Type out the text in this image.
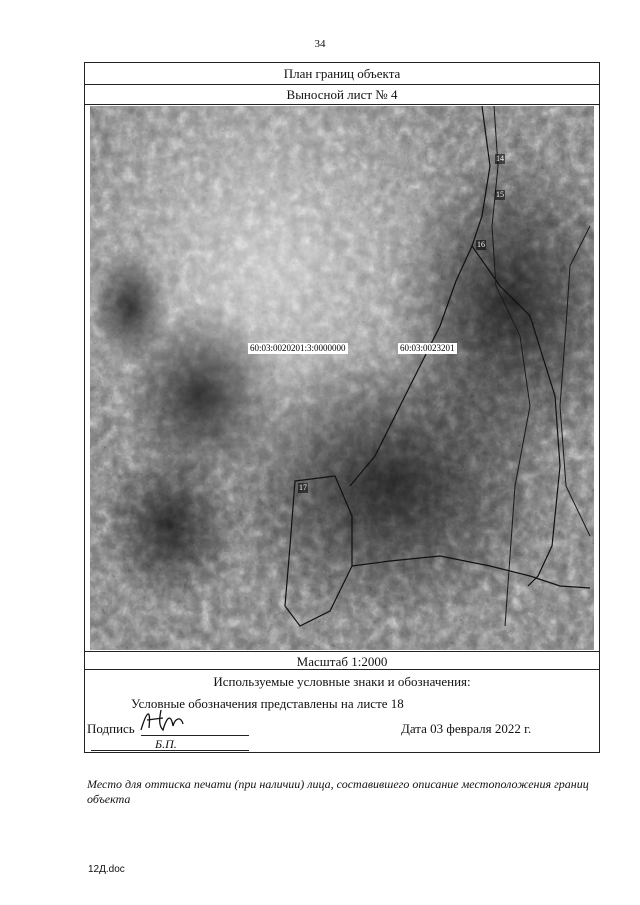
34
План границ объекта
Выносной лист № 4
14
15
16
17
60:03:0020201:3:0000000	60:03:0023201
Масштаб 1:2000
Используемые условные знаки и обозначения:
Условные обозначения представлены на листе 18
Подпись
Б.П.
Дата 03 февраля 2022 г.
Место для оттиска печати (при наличии) лица, составившего описание местоположения границ объекта
12Д.doc
